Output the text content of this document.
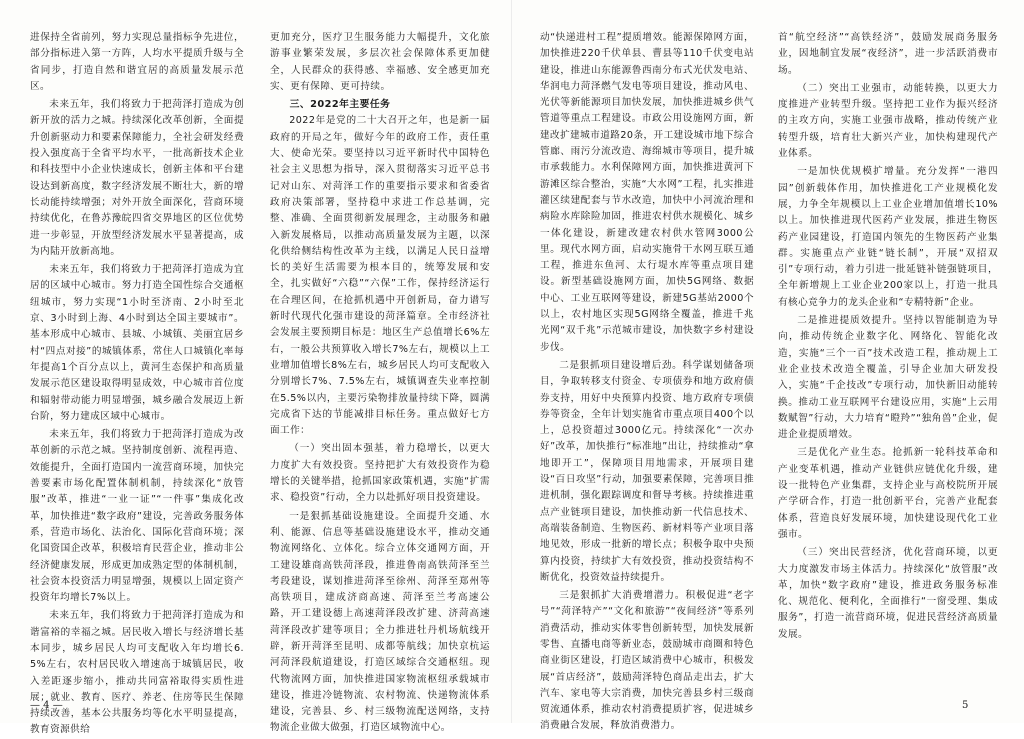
进保持全省前列，努力实现总量指标争先进位，部分指标进入第一方阵，人均水平提质升级与全省同步，打造自然和谐宜居的高质量发展示范区。

未来五年，我们将致力于把菏泽打造成为创新开放的活力之城。持续深化改革创新，全面提升创新驱动力和要素保障能力，全社会研发经费投入强度高于全省平均水平，一批高新技术企业和科技型中小企业快速成长，创新主体和平台建设达到新高度，数字经济发展不断壮大，新的增长动能持续增强；对外开放全面深化，营商环境持续优化，在鲁苏豫皖四省交界地区的区位优势进一步彰显，开放型经济发展水平显著提高，成为内陆开放新高地。

未来五年，我们将致力于把菏泽打造成为宜居的区域中心城市。努力打造全国性综合交通枢纽城市，努力实现“1小时至济南、2小时至北京、3小时到上海、4小时到达全国主要城市”。基本形成中心城市、县城、小城镇、美丽宜居乡村“四点对接”的城镇体系，常住人口城镇化率每年提高1个百分点以上，黄河生态保护和高质量发展示范区建设取得明显成效，中心城市首位度和辐射带动能力明显增强，城乡融合发展迈上新台阶，努力建成区域中心城市。

未来五年，我们将致力于把菏泽打造成为改革创新的示范之城。坚持制度创新、流程再造、效能提升，全面打造国内一流营商环境，加快完善要素市场化配置体制机制，持续深化“放管服”改革，推进“一业一证”“一件事”集成化改革，加快推进“数字政府”建设，完善政务服务体系，营造市场化、法治化、国际化营商环境；深化国资国企改革，积极培育民营企业，推动非公经济健康发展，形成更加成熟定型的体制机制，社会资本投资活力明显增强，规模以上固定资产投资年均增长7%以上。

未来五年，我们将致力于把菏泽打造成为和谐富裕的幸福之城。居民收入增长与经济增长基本同步，城乡居民人均可支配收入年均增长6.5%左右，农村居民收入增速高于城镇居民，收入差距逐步缩小，推动共同富裕取得实质性进展；就业、教育、医疗、养老、住房等民生保障持续改善，基本公共服务均等化水平明显提高，教育资源供给

更加充分，医疗卫生服务能力大幅提升，文化旅游事业繁荣发展，多层次社会保障体系更加健全，人民群众的获得感、幸福感、安全感更加充实、更有保障、更可持续。

三、2022年主要任务

2022年是党的二十大召开之年，也是新一届政府的开局之年，做好今年的政府工作，责任重大、使命光荣。要坚持以习近平新时代中国特色社会主义思想为指导，深入贯彻落实习近平总书记对山东、对菏泽工作的重要指示要求和省委省政府决策部署，坚持稳中求进工作总基调，完整、准确、全面贯彻新发展理念，主动服务和融入新发展格局，以推动高质量发展为主题，以深化供给侧结构性改革为主线，以满足人民日益增长的美好生活需要为根本目的，统筹发展和安全，扎实做好“六稳”“六保”工作，保持经济运行在合理区间，在抢抓机遇中开创新局，奋力谱写新时代现代化强市建设的菏泽篇章。全市经济社会发展主要预期目标是：地区生产总值增长6%左右，一般公共预算收入增长7%左右，规模以上工业增加值增长8%左右，城乡居民人均可支配收入分别增长7%、7.5%左右，城镇调查失业率控制在5.5%以内，主要污染物排放量持续下降，圆满完成省下达的节能减排目标任务。重点做好七方面工作：

（一）突出固本强基，着力稳增长，以更大力度扩大有效投资。坚持把扩大有效投资作为稳增长的关键举措，抢抓国家政策机遇，实施“扩需求、稳投资”行动，全力以赴抓好项目投资建设。

一是狠抓基础设施建设。全面提升交通、水利、能源、信息等基础设施建设水平，推动交通物流网络化、立体化。综合立体交通网方面，开工建设雄商高铁菏泽段，推进鲁南高铁菏泽至兰考段建设，谋划推进菏泽至徐州、菏泽至郑州等高铁项目，建成济商高速、菏泽至兰考高速公路，开工建设德上高速菏泽段改扩建、济菏高速菏泽段改扩建等项目；全力推进牡丹机场航线开辟，新开菏泽至昆明、成都等航线；加快京杭运河菏泽段航道建设，打造区域综合交通枢纽。现代物流网方面，加快推进国家物流枢纽承载城市建设，推进冷链物流、农村物流、快递物流体系建设，完善县、乡、村三级物流配送网络，支持物流企业做大做强，打造区域物流中心。

动“快递进村工程”提质增效。能源保障网方面，加快推进220千伏单县、曹县等110千伏变电站建设，推进山东能源鲁西南分布式光伏发电站、华润电力菏泽燃气发电等项目建设，推动风电、光伏等新能源项目加快发展，加快推进城乡供气管道等重点工程建设。市政公用设施网方面，新建改扩建城市道路20条，开工建设城市地下综合管廊、雨污分流改造、海绵城市等项目，提升城市承载能力。水利保障网方面，加快推进黄河下游滩区综合整治，实施“大水网”工程，扎实推进灌区续建配套与节水改造，加快中小河流治理和病险水库除险加固，推进农村供水规模化、城乡一体化建设，新建改建农村供水管网3000公里。现代水网方面，启动实施骨干水网互联互通工程，推进东鱼河、太行堤水库等重点项目建设。新型基础设施网方面，加快5G网络、数据中心、工业互联网等建设，新建5G基站2000个以上，农村地区实现5G网络全覆盖，推进千兆光网“双千兆”示范城市建设，加快数字乡村建设步伐。

二是狠抓项目建设增后劲。科学谋划储备项目，争取转移支付资金、专项债券和地方政府债券支持，用好中央预算内投资、地方政府专项债券等资金，全年计划实施省市重点项目400个以上，总投资超过3000亿元。持续深化“一次办好”改革，加快推行“标准地”出让，持续推动“拿地即开工”，保障项目用地需求，开展项目建设“百日攻坚”行动，加强要素保障，完善项目推进机制，强化跟踪调度和督导考核。持续推进重点产业链项目建设，加快推动新一代信息技术、高端装备制造、生物医药、新材料等产业项目落地见效，形成一批新的增长点；积极争取中央预算内投资，持续扩大有效投资，推动投资结构不断优化，投资效益持续提升。

三是狠抓扩大消费增潜力。积极促进“老字号”“菏泽特产”“文化和旅游”“夜间经济”等系列消费活动，推动实体零售创新转型，加快发展新零售、直播电商等新业态，鼓励城市商圈和特色商业街区建设，打造区域消费中心城市，积极发展“首店经济”，鼓励菏泽特色商品走出去，扩大汽车、家电等大宗消费，加快完善县乡村三级商贸流通体系，推动农村消费提质扩容，促进城乡消费融合发展，释放消费潜力。

首“航空经济”“高铁经济”，鼓励发展商务服务业，因地制宜发展“夜经济”，进一步活跃消费市场。

（二）突出工业强市，动能转换，以更大力度推进产业转型升级。坚持把工业作为振兴经济的主攻方向，实施工业强市战略，推动传统产业转型升级，培育壮大新兴产业，加快构建现代产业体系。

一是加快优规模扩增量。充分发挥“一港四园”创新载体作用，加快推进化工产业规模化发展，力争全年规模以上工业企业增加值增长10%以上。加快推进现代医药产业发展，推进生物医药产业园建设，打造国内领先的生物医药产业集群。实施重点产业链“链长制”，开展“双招双引”专项行动，着力引进一批延链补链强链项目，全年新增规上工业企业200家以上，打造一批具有核心竞争力的龙头企业和“专精特新”企业。

二是推进提质效提升。坚持以智能制造为导向，推动传统企业数字化、网络化、智能化改造，实施“三个一百”技术改造工程，推动规上工业企业技术改造全覆盖，引导企业加大研发投入，实施“千企技改”专项行动，加快新旧动能转换。推动工业互联网平台建设应用，实施“上云用数赋智”行动，大力培育“瞪羚”“独角兽”企业，促进企业提质增效。

三是优化产业生态。抢抓新一轮科技革命和产业变革机遇，推动产业链供应链优化升级，建设一批特色产业集群，支持企业与高校院所开展产学研合作，打造一批创新平台，完善产业配套体系，营造良好发展环境，加快建设现代化工业强市。

（三）突出民营经济，优化营商环境，以更大力度激发市场主体活力。持续深化“放管服”改革，加快“数字政府”建设，推进政务服务标准化、规范化、便利化，全面推行“一窗受理、集成服务”，打造一流营商环境，促进民营经济高质量发展。

— 4 —	5
